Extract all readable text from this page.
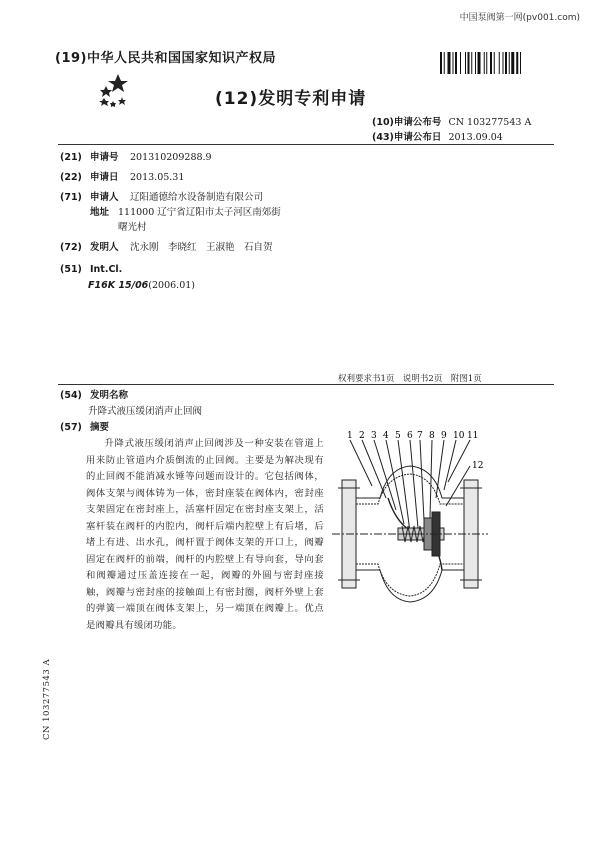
中国泵阀第一网(pv001.com)
(19)中华人民共和国国家知识产权局
(12)发明专利申请
(10)申请公布号 CN 103277543 A
(43)申请公布日 2013.09.04
(21) 申请号 201310209288.9
(22) 申请日 2013.05.31
(71) 申请人 辽阳通德给水设备制造有限公司
地址 111000 辽宁省辽阳市太子河区南郊街
曙光村
(72) 发明人 沈永刚　李晓红　王淑艳　石自贺
(51) Int.Cl.
F16K 15/06(2006.01)
权利要求书1页　说明书2页　附图1页
(54) 发明名称
升降式液压缓闭消声止回阀
(57) 摘要
升降式液压缓闭消声止回阀涉及一种安装在管道上用来防止管道内介质倒流的止回阀。主要是为解决现有的止回阀不能消减水锤等问题而设计的。它包括阀体，阀体支架与阀体铸为一体，密封座装在阀体内，密封座支架固定在密封座上，活塞杆固定在密封座支架上，活塞杆装在阀杆的内腔内，阀杆后端内腔壁上有后堵，后堵上有进、出水孔，阀杆置于阀体支架的开口上，阀瓣固定在阀杆的前端，阀杆的内腔壁上有导向套，导向套和阀瓣通过压盖连接在一起，阀瓣的外圆与密封座接触，阀瓣与密封座的接触面上有密封圈，阀杆外壁上套的弹簧一端顶在阀体支架上，另一端顶在阀瓣上。优点是阀瓣具有缓闭功能。
CN 103277543 A
1 2 3 4 5 6 7 8 9 10 11
12
